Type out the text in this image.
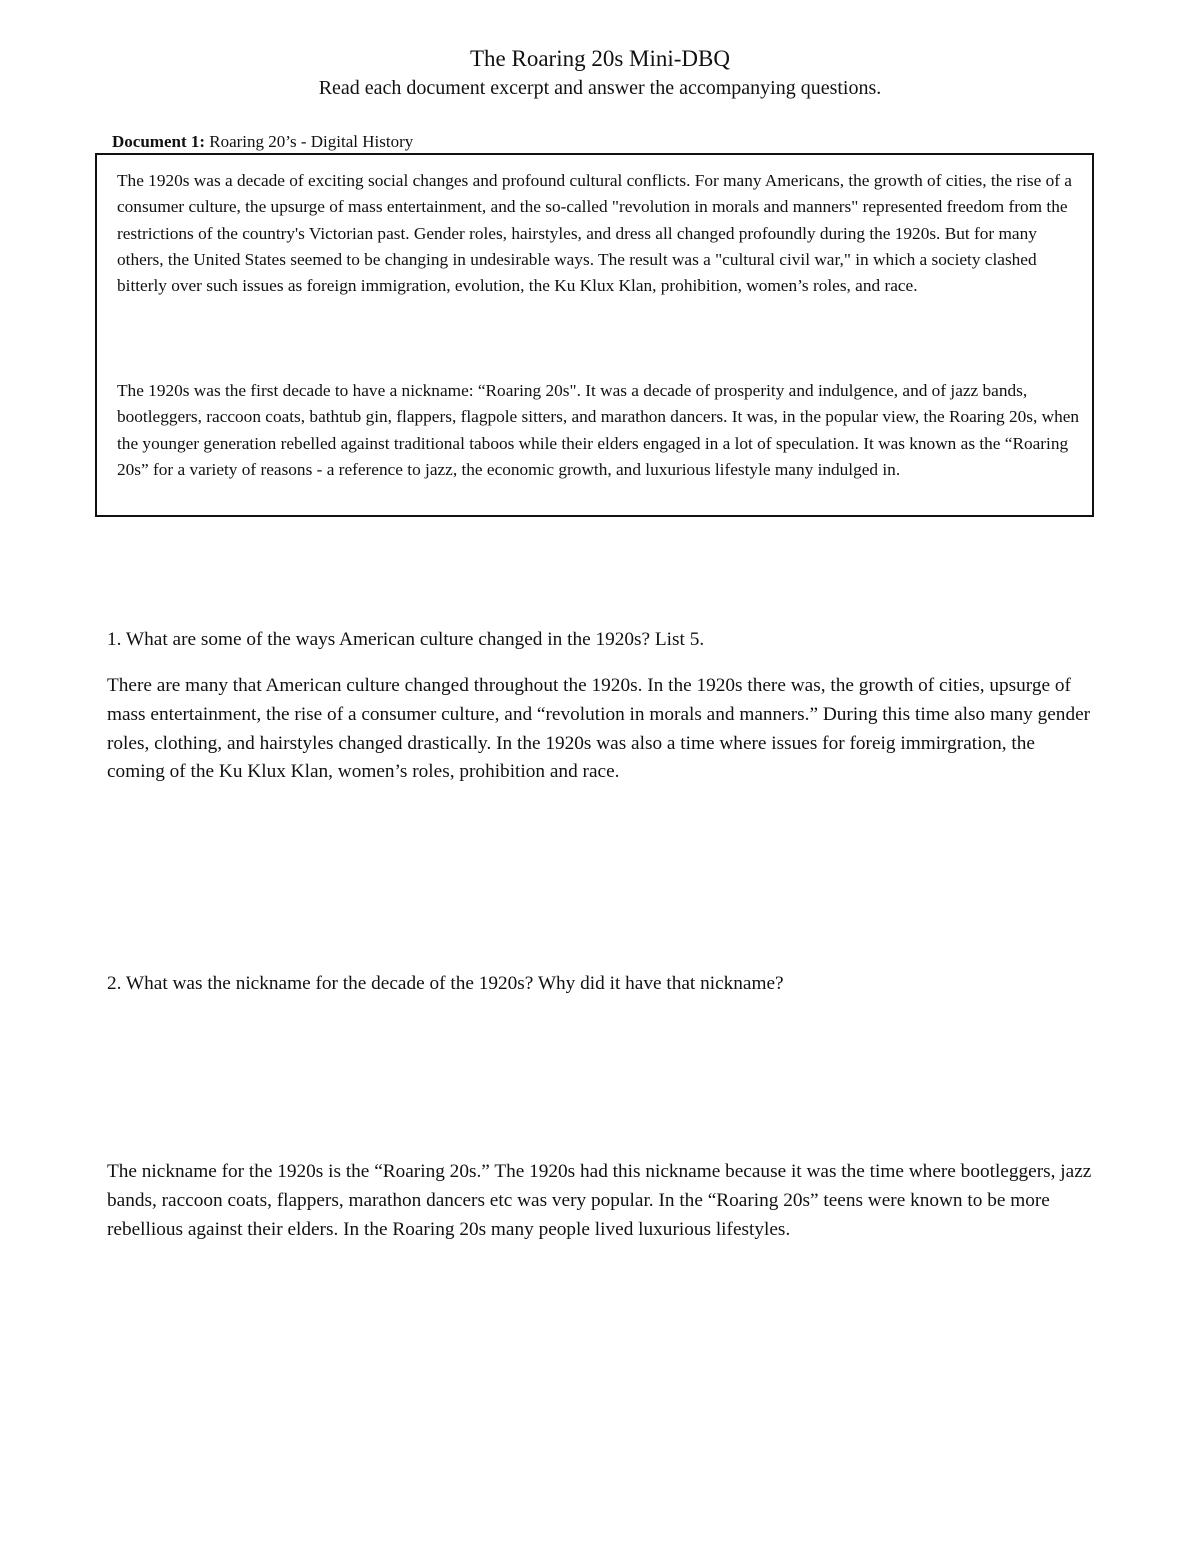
The Roaring 20s Mini-DBQ
Read each document excerpt and answer the accompanying questions.
Document 1: Roaring 20’s - Digital History

The 1920s was a decade of exciting social changes and profound cultural conflicts. For many Americans, the growth of cities, the rise of a consumer culture, the upsurge of mass entertainment, and the so-called "revolution in morals and manners" represented freedom from the restrictions of the country's Victorian past. Gender roles, hairstyles, and dress all changed profoundly during the 1920s. But for many others, the United States seemed to be changing in undesirable ways. The result was a "cultural civil war," in which a society clashed bitterly over such issues as foreign immigration, evolution, the Ku Klux Klan, prohibition, women’s roles, and race.

The 1920s was the first decade to have a nickname: “Roaring 20s". It was a decade of prosperity and indulgence, and of jazz bands, bootleggers, raccoon coats, bathtub gin, flappers, flagpole sitters, and marathon dancers. It was, in the popular view, the Roaring 20s, when the younger generation rebelled against traditional taboos while their elders engaged in a lot of speculation. It was known as the “Roaring 20s” for a variety of reasons - a reference to jazz, the economic growth, and luxurious lifestyle many indulged in.

1. What are some of the ways American culture changed in the 1920s? List 5.

There are many that American culture changed throughout the 1920s. In the 1920s there was, the growth of cities, upsurge of mass entertainment, the rise of a consumer culture, and “revolution in morals and manners.” During this time also many gender roles, clothing, and hairstyles changed drastically. In the 1920s was also a time where issues for foreig immirgration, the coming of the Ku Klux Klan, women’s roles, prohibition and race.

2. What was the nickname for the decade of the 1920s? Why did it have that nickname?

The nickname for the 1920s is the “Roaring 20s.” The 1920s had this nickname because it was the time where bootleggers, jazz bands, raccoon coats, flappers, marathon dancers etc was very popular. In the “Roaring 20s” teens were known to be more rebellious against their elders. In the Roaring 20s many people lived luxurious lifestyles.
